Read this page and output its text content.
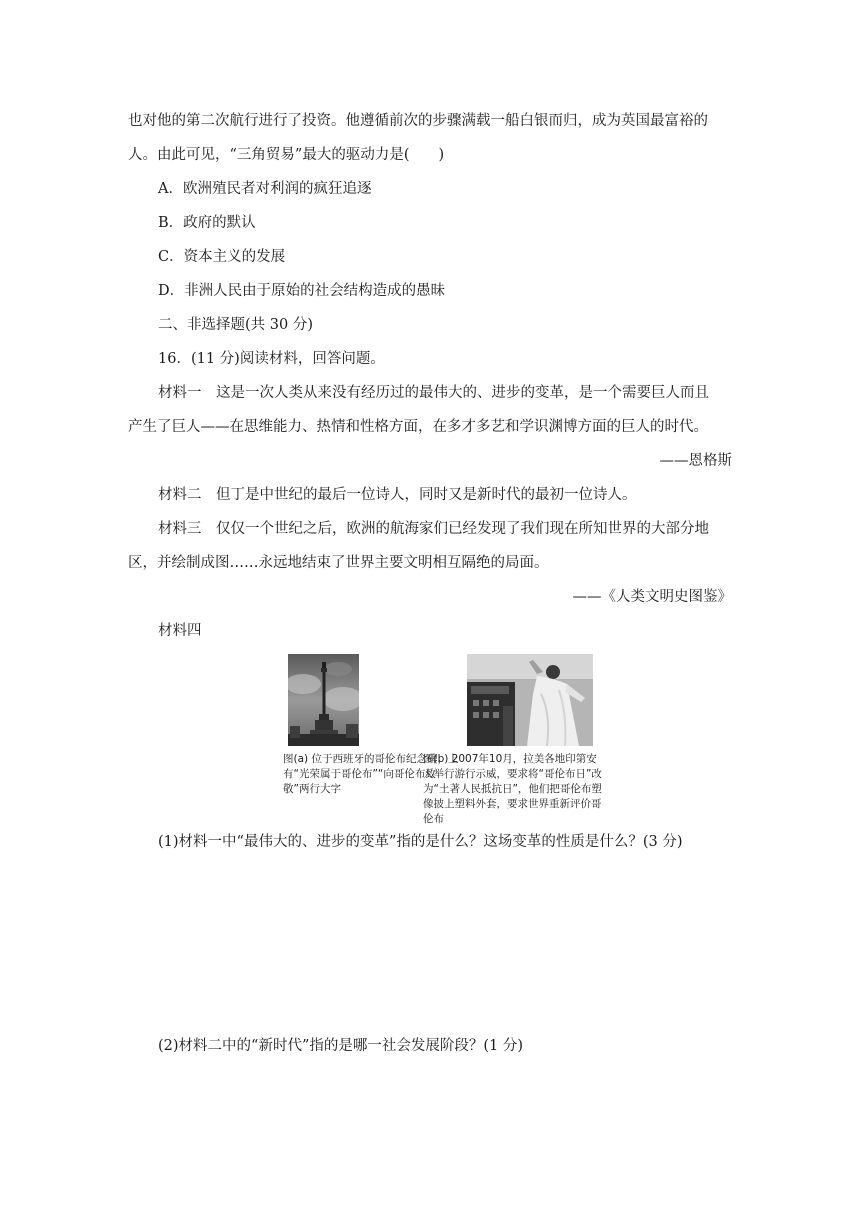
也对他的第二次航行进行了投资。他遵循前次的步骤满载一船白银而归，成为英国最富裕的
人。由此可见，“三角贸易”最大的驱动力是(　　)
A．欧洲殖民者对利润的疯狂追逐
B．政府的默认
C．资本主义的发展
D．非洲人民由于原始的社会结构造成的愚昧
二、非选择题(共 30 分)
16．(11 分)阅读材料，回答问题。
材料一　这是一次人类从来没有经历过的最伟大的、进步的变革，是一个需要巨人而且
产生了巨人——在思维能力、热情和性格方面，在多才多艺和学识渊博方面的巨人的时代。
——恩格斯
材料二　但丁是中世纪的最后一位诗人，同时又是新时代的最初一位诗人。
材料三　仅仅一个世纪之后，欧洲的航海家们已经发现了我们现在所知世界的大部分地
区，并绘制成图……永远地结束了世界主要文明相互隔绝的局面。
——《人类文明史图鉴》
材料四
图(a) 位于西班牙的哥伦布纪念碑，上有“光荣属于哥伦布”“向哥伦布致敬”两行大字
图(b) 2007年10月，拉美各地印第安人举行游行示威，要求将“哥伦布日”改为“土著人民抵抗日”，他们把哥伦布塑像披上塑料外套，要求世界重新评价哥伦布
(1)材料一中“最伟大的、进步的变革”指的是什么？这场变革的性质是什么？(3 分)
(2)材料二中的“新时代”指的是哪一社会发展阶段？(1 分)
